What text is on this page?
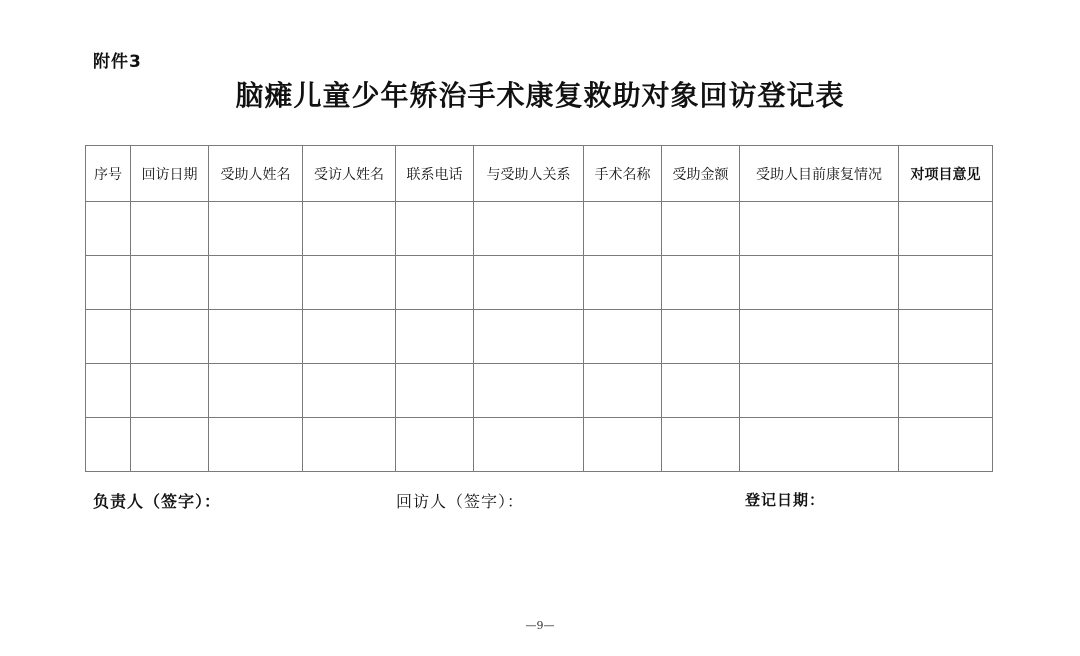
附件3
脑瘫儿童少年矫治手术康复救助对象回访登记表
序号	回访日期	受助人姓名	受访人姓名	联系电话	与受助人关系	手术名称	受助金额	受助人目前康复情况	对项目意见

负责人（签字）：	回访人（签字）：	登记日期：
—9—
